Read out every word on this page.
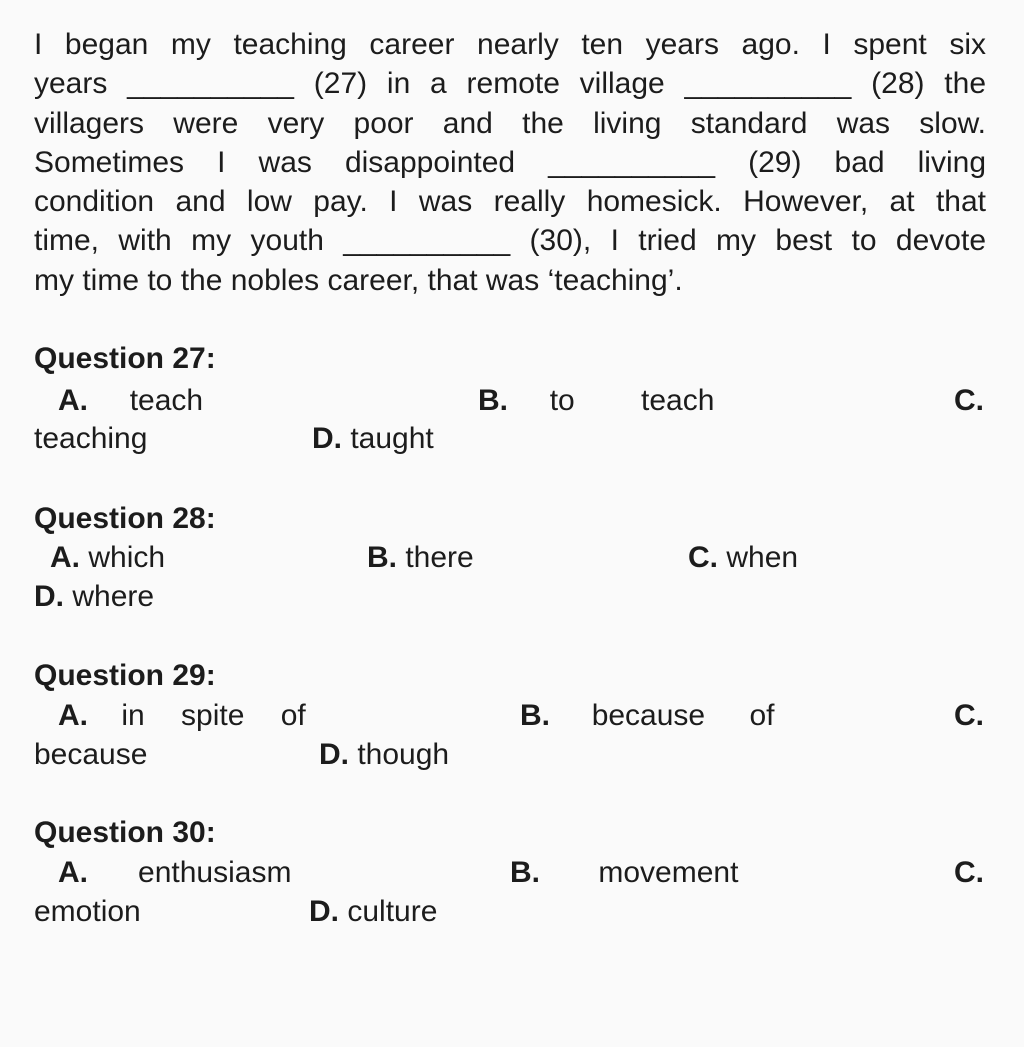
I began my teaching career nearly ten years ago. I spent six
years __________ (27) in a remote village __________ (28) the
villagers were very poor and the living standard was slow.
Sometimes I was disappointed __________ (29) bad living
condition and low pay. I was really homesick. However, at that
time, with my youth __________ (30), I tried my best to devote
my time to the nobles career, that was ‘teaching’.
Question 27:
A. teach	B. to teach	C.
teaching	D. taught
Question 28:
A. which	B. there	C. when
D. where
Question 29:
A. in spite of	B. because of	C.
because	D. though
Question 30:
A. enthusiasm	B. movement	C.
emotion	D. culture
